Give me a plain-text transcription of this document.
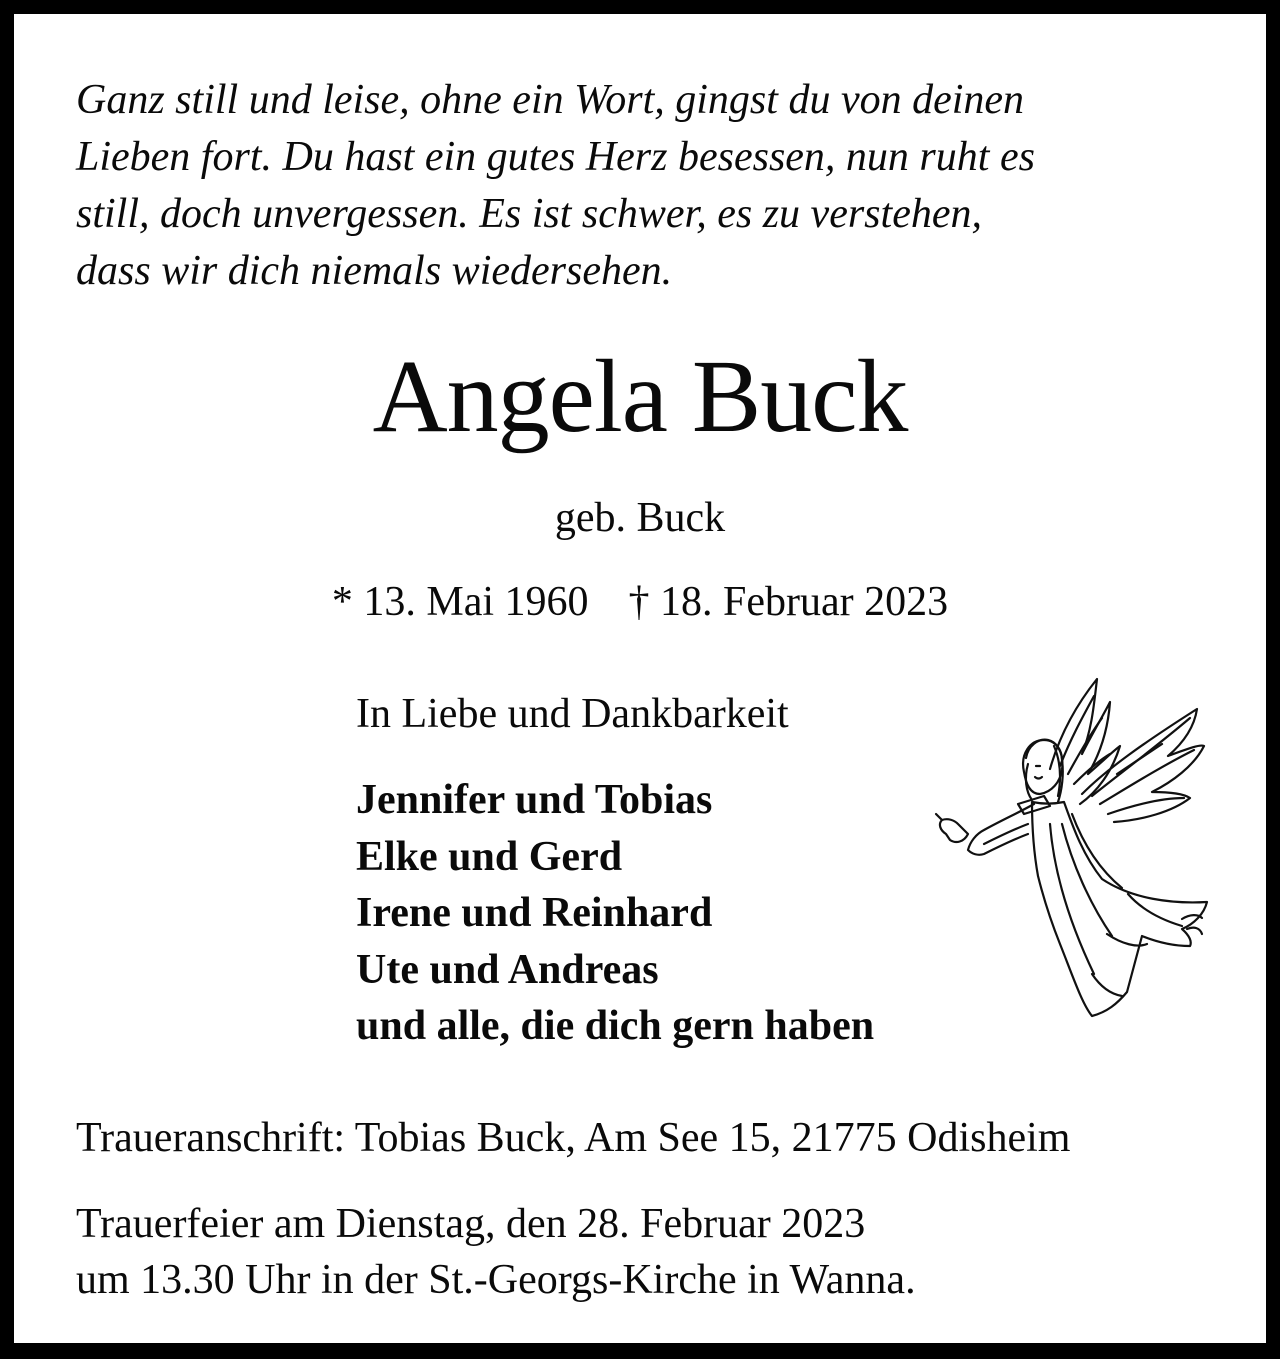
Ganz still und leise, ohne ein Wort, gingst du von deinen
Lieben fort. Du hast ein gutes Herz besessen, nun ruht es
still, doch unvergessen. Es ist schwer, es zu verstehen,
dass wir dich niemals wiedersehen.
Angela Buck
geb. Buck
* 13. Mai 1960 † 18. Februar 2023
In Liebe und Dankbarkeit
Jennifer und Tobias
Elke und Gerd
Irene und Reinhard
Ute und Andreas
und alle, die dich gern haben
Traueranschrift: Tobias Buck, Am See 15, 21775 Odisheim
Trauerfeier am Dienstag, den 28. Februar 2023
um 13.30 Uhr in der St.-Georgs-Kirche in Wanna.
